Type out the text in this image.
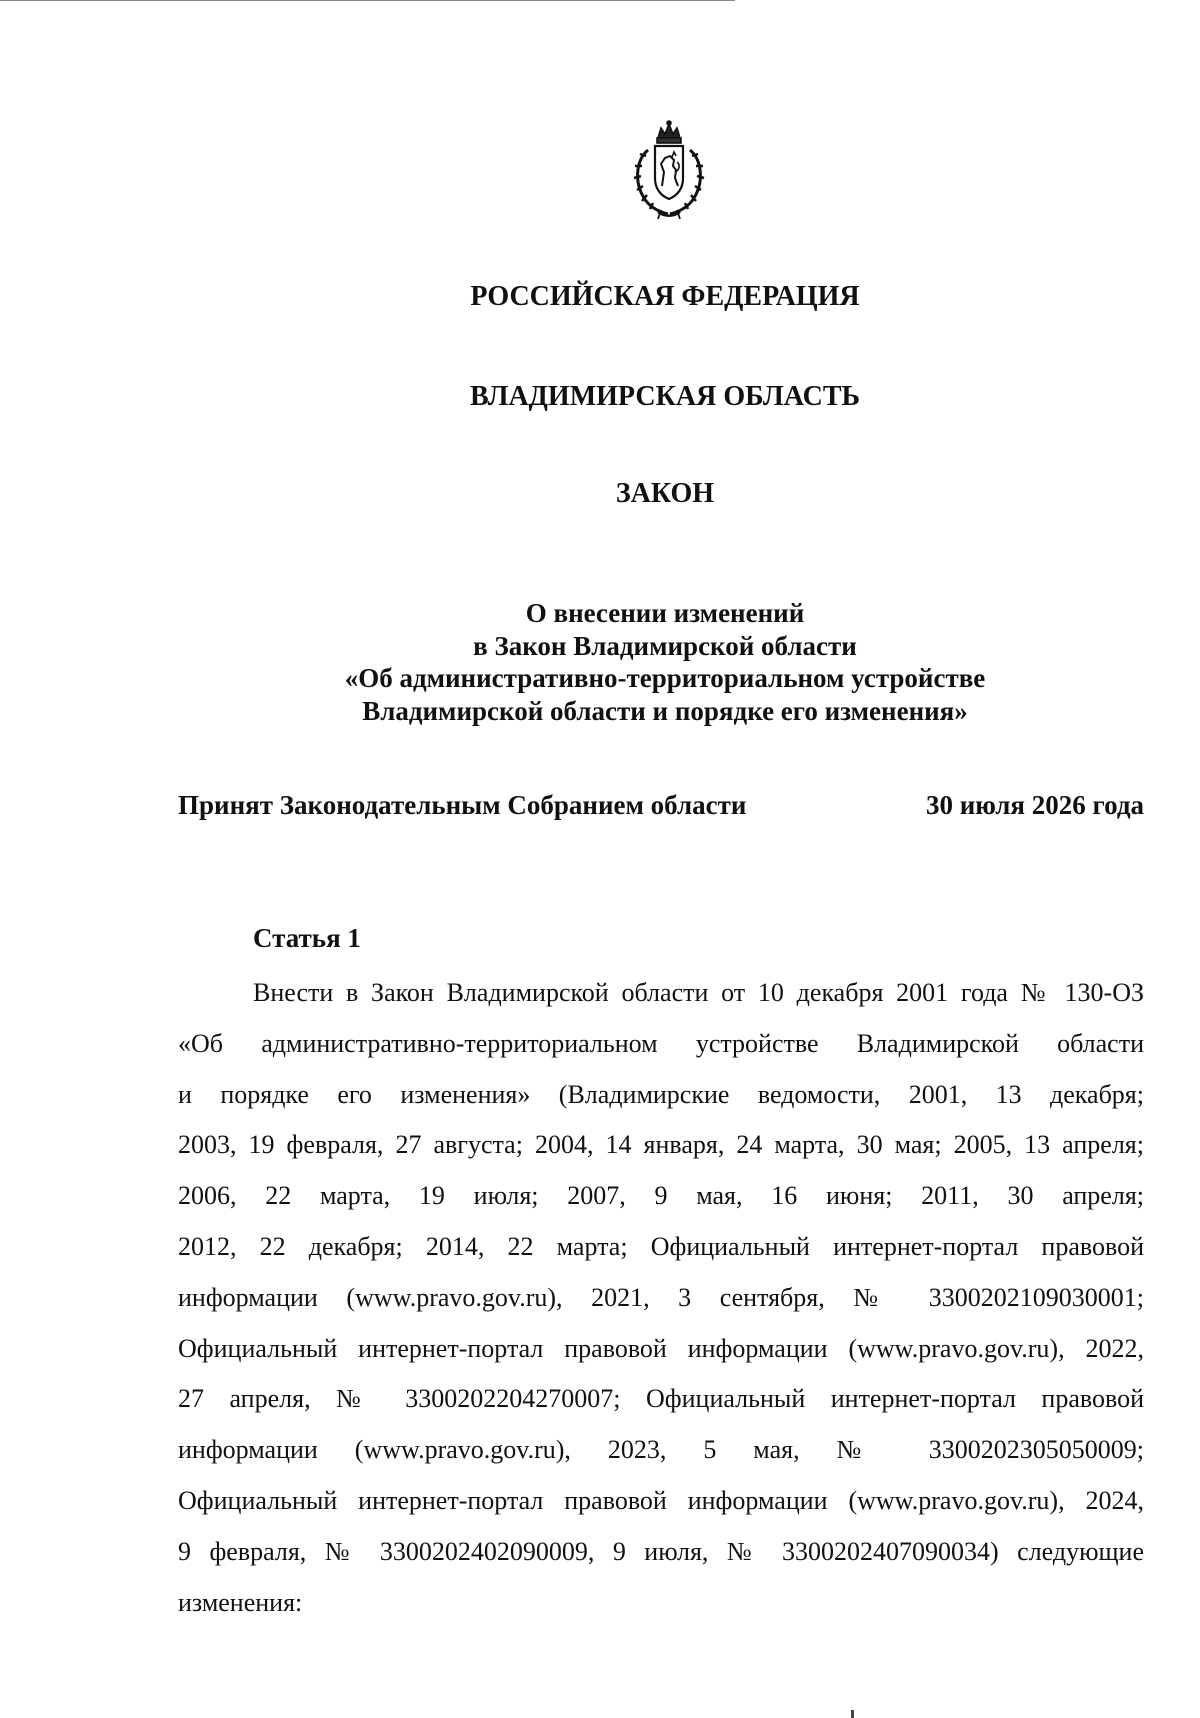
РОССИЙСКАЯ ФЕДЕРАЦИЯ
ВЛАДИМИРСКАЯ ОБЛАСТЬ
ЗАКОН
О внесении изменений
в Закон Владимирской области
«Об административно-территориальном устройстве
Владимирской области и порядке его изменения»
Принят Законодательным Собранием области	30 июля 2026 года
Статья 1
Внести в Закон Владимирской области от 10 декабря 2001 года № 130-ОЗ
«Об административно-территориальном устройстве Владимирской области
и порядке его изменения» (Владимирские ведомости, 2001, 13 декабря;
2003, 19 февраля, 27 августа; 2004, 14 января, 24 марта, 30 мая; 2005, 13 апреля;
2006, 22 марта, 19 июля; 2007, 9 мая, 16 июня; 2011, 30 апреля;
2012, 22 декабря; 2014, 22 марта; Официальный интернет-портал правовой
информации (www.pravo.gov.ru), 2021, 3 сентября, № 3300202109030001;
Официальный интернет-портал правовой информации (www.pravo.gov.ru), 2022,
27 апреля, № 3300202204270007; Официальный интернет-портал правовой
информации (www.pravo.gov.ru), 2023, 5 мая, № 3300202305050009;
Официальный интернет-портал правовой информации (www.pravo.gov.ru), 2024,
9 февраля, № 3300202402090009, 9 июля, № 3300202407090034) следующие
изменения:
